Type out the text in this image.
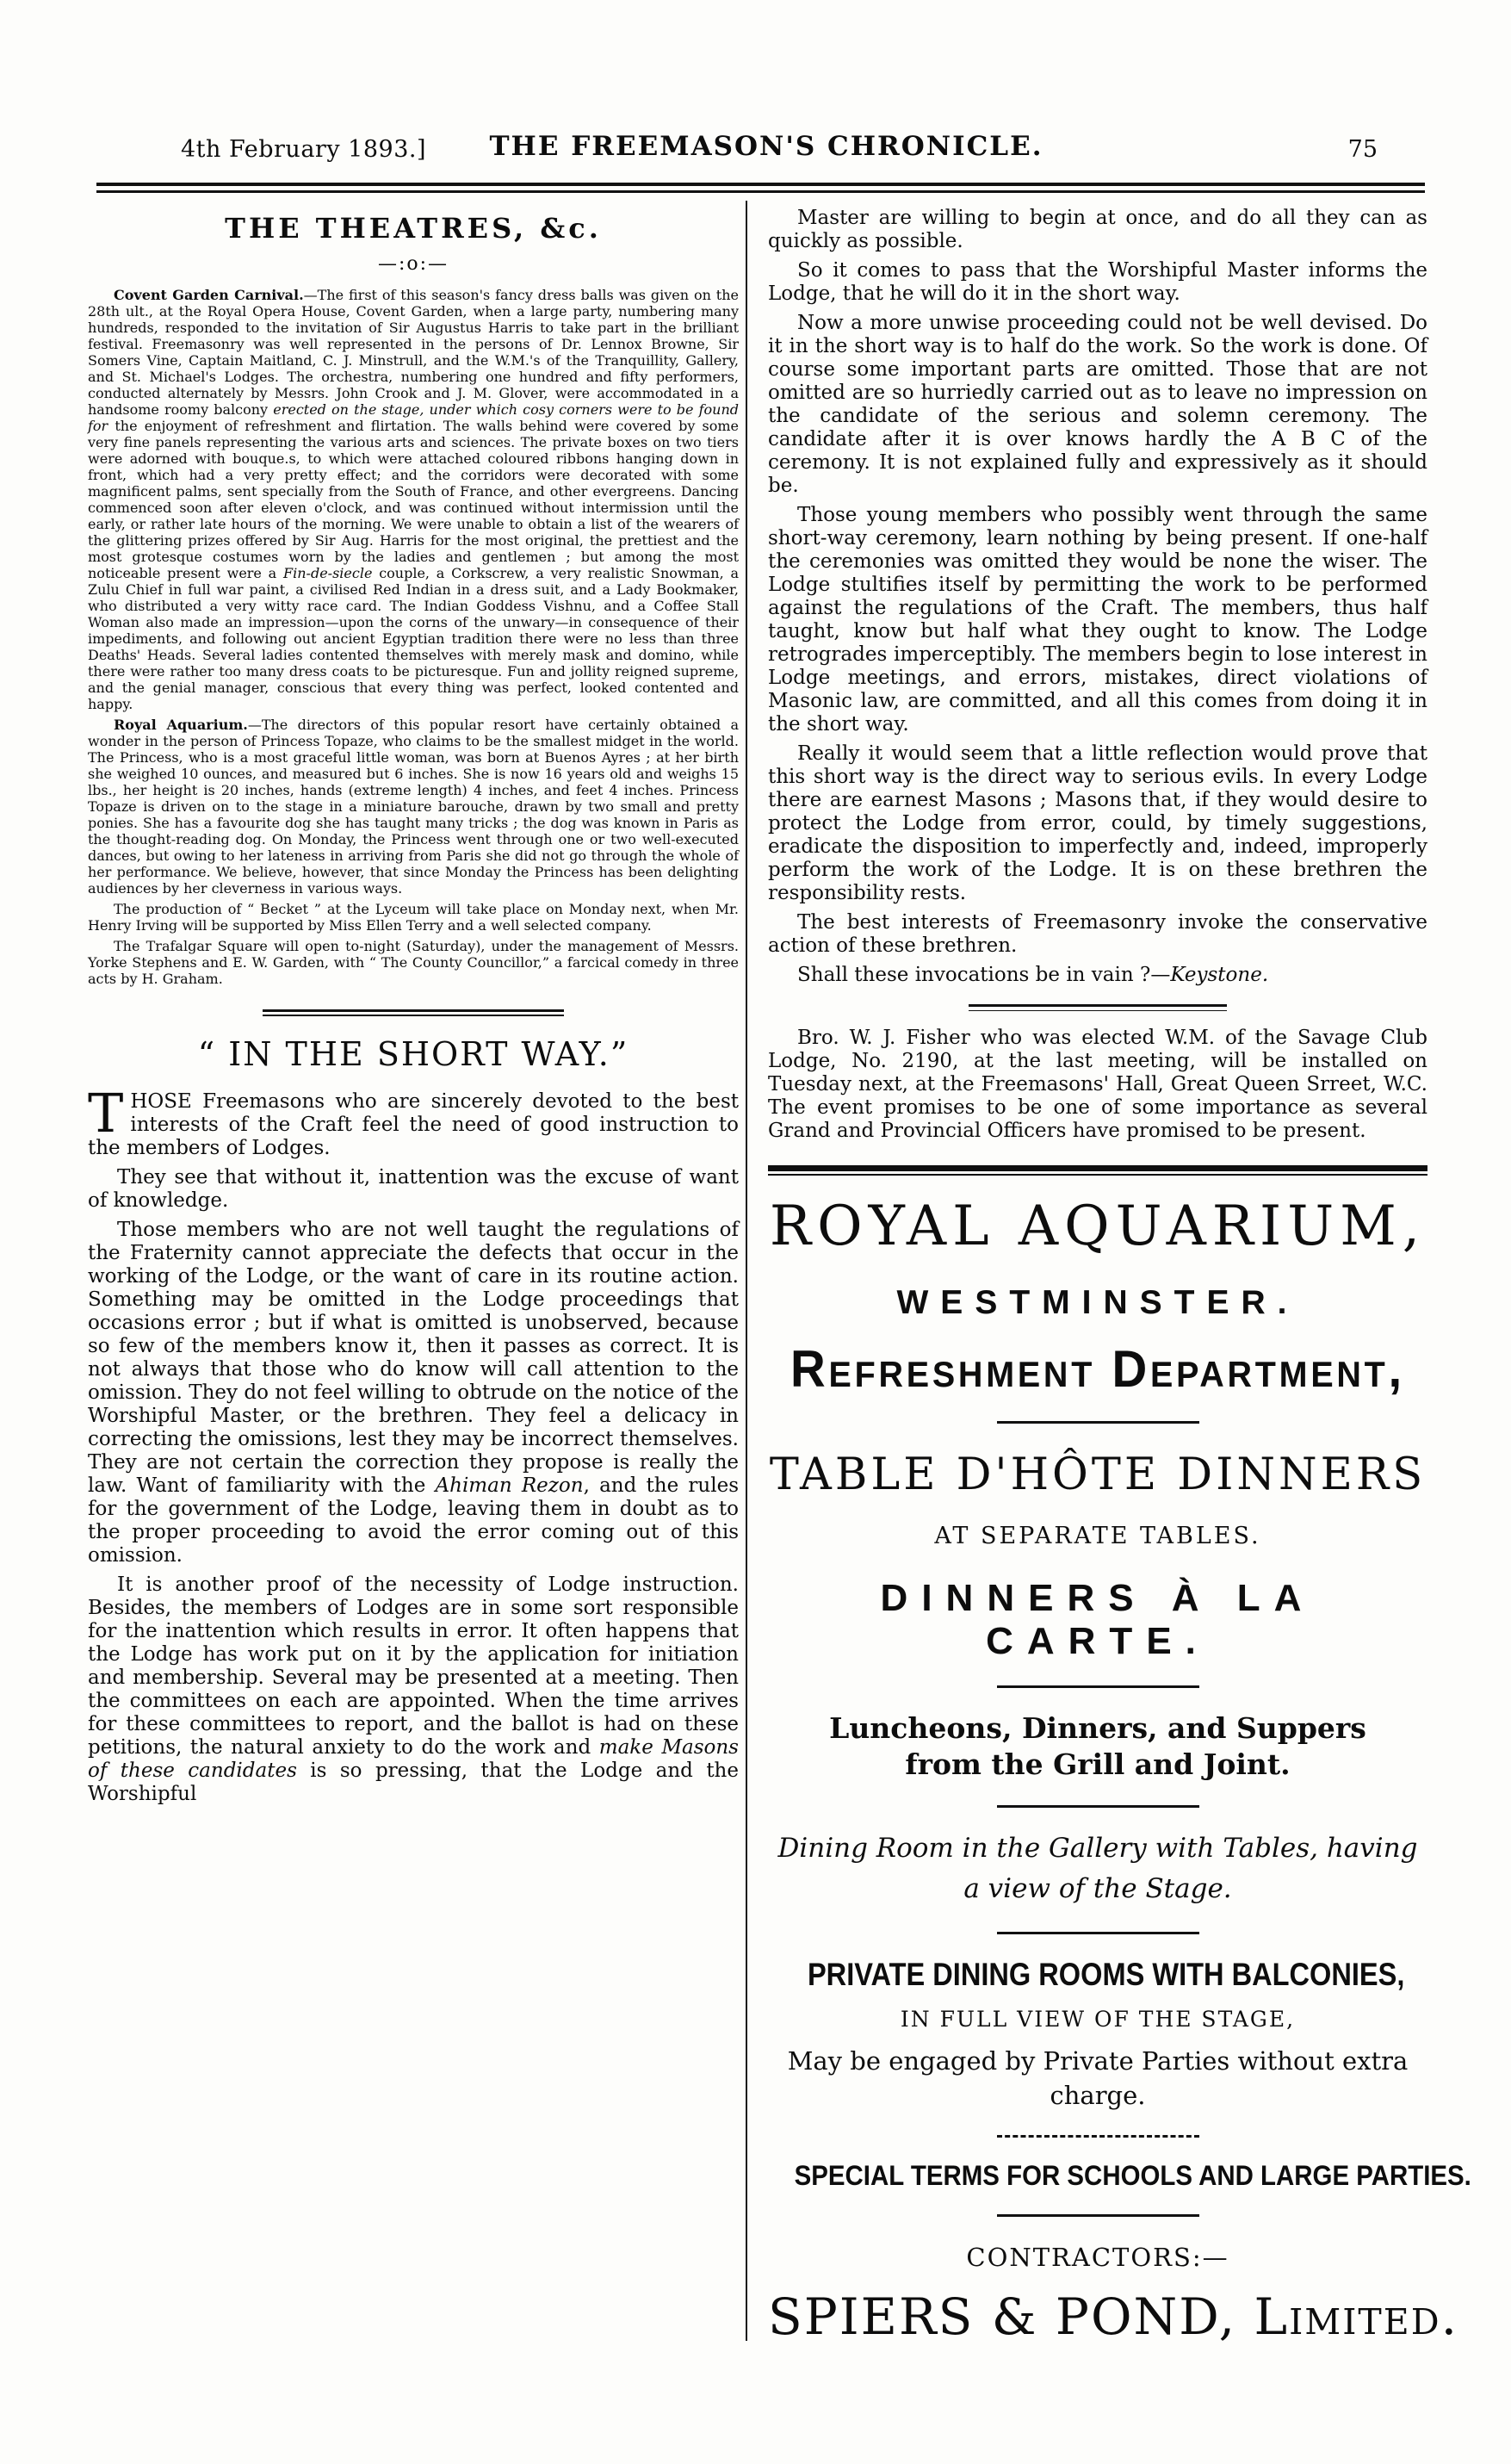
4th February 1893.]	THE FREEMASON'S CHRONICLE.	75
THE THEATRES, &c.
—:o:—

Covent Garden Carnival.—The first of this season's fancy dress balls was given on the 28th ult., at the Royal Opera House, Covent Garden, when a large party, numbering many hundreds, responded to the invitation of Sir Augustus Harris to take part in the brilliant festival. Freemasonry was well represented in the persons of Dr. Lennox Browne, Sir Somers Vine, Captain Maitland, C. J. Minstrull, and the W.M.'s of the Tranquillity, Gallery, and St. Michael's Lodges. The orchestra, numbering one hundred and fifty performers, conducted alternately by Messrs. John Crook and J. M. Glover, were accommodated in a handsome roomy balcony erected on the stage, under which cosy corners were to be found for the enjoyment of refreshment and flirtation. The walls behind were covered by some very fine panels representing the various arts and sciences. The private boxes on two tiers were adorned with bouque.s, to which were attached coloured ribbons hanging down in front, which had a very pretty effect; and the corridors were decorated with some magnificent palms, sent specially from the South of France, and other evergreens. Dancing commenced soon after eleven o'clock, and was continued without intermission until the early, or rather late hours of the morning. We were unable to obtain a list of the wearers of the glittering prizes offered by Sir Aug. Harris for the most original, the prettiest and the most grotesque costumes worn by the ladies and gentlemen ; but among the most noticeable present were a Fin-de-siecle couple, a Corkscrew, a very realistic Snowman, a Zulu Chief in full war paint, a civilised Red Indian in a dress suit, and a Lady Bookmaker, who distributed a very witty race card. The Indian Goddess Vishnu, and a Coffee Stall Woman also made an impression—upon the corns of the unwary—in consequence of their impediments, and following out ancient Egyptian tradition there were no less than three Deaths' Heads. Several ladies contented themselves with merely mask and domino, while there were rather too many dress coats to be picturesque. Fun and jollity reigned supreme, and the genial manager, conscious that every thing was perfect, looked contented and happy.

Royal Aquarium.—The directors of this popular resort have certainly obtained a wonder in the person of Princess Topaze, who claims to be the smallest midget in the world. The Princess, who is a most graceful little woman, was born at Buenos Ayres ; at her birth she weighed 10 ounces, and measured but 6 inches. She is now 16 years old and weighs 15 lbs., her height is 20 inches, hands (extreme length) 4 inches, and feet 4 inches. Princess Topaze is driven on to the stage in a miniature barouche, drawn by two small and pretty ponies. She has a favourite dog she has taught many tricks ; the dog was known in Paris as the thought-reading dog. On Monday, the Princess went through one or two well-executed dances, but owing to her lateness in arriving from Paris she did not go through the whole of her performance. We believe, however, that since Monday the Princess has been delighting audiences by her cleverness in various ways.

The production of “ Becket ” at the Lyceum will take place on Monday next, when Mr. Henry Irving will be supported by Miss Ellen Terry and a well selected company.

The Trafalgar Square will open to-night (Saturday), under the management of Messrs. Yorke Stephens and E. W. Garden, with “ The County Councillor,” a farcical comedy in three acts by H. Graham.

“ IN THE SHORT WAY.”

THOSE Freemasons who are sincerely devoted to the best interests of the Craft feel the need of good instruction to the members of Lodges.

They see that without it, inattention was the excuse of want of knowledge.

Those members who are not well taught the regulations of the Fraternity cannot appreciate the defects that occur in the working of the Lodge, or the want of care in its routine action. Something may be omitted in the Lodge proceedings that occasions error ; but if what is omitted is unobserved, because so few of the members know it, then it passes as correct. It is not always that those who do know will call attention to the omission. They do not feel willing to obtrude on the notice of the Worshipful Master, or the brethren. They feel a delicacy in correcting the omissions, lest they may be incorrect themselves. They are not certain the correction they propose is really the law. Want of familiarity with the Ahiman Rezon, and the rules for the government of the Lodge, leaving them in doubt as to the proper proceeding to avoid the error coming out of this omission.

It is another proof of the necessity of Lodge instruction. Besides, the members of Lodges are in some sort responsible for the inattention which results in error. It often happens that the Lodge has work put on it by the application for initiation and membership. Several may be presented at a meeting. Then the committees on each are appointed. When the time arrives for these committees to report, and the ballot is had on these petitions, the natural anxiety to do the work and make Masons of these candidates is so pressing, that the Lodge and the Worshipful

Master are willing to begin at once, and do all they can as quickly as possible.

So it comes to pass that the Worshipful Master informs the Lodge, that he will do it in the short way.

Now a more unwise proceeding could not be well devised. Do it in the short way is to half do the work. So the work is done. Of course some important parts are omitted. Those that are not omitted are so hurriedly carried out as to leave no impression on the candidate of the serious and solemn ceremony. The candidate after it is over knows hardly the A B C of the ceremony. It is not explained fully and expressively as it should be.

Those young members who possibly went through the same short-way ceremony, learn nothing by being present. If one-half the ceremonies was omitted they would be none the wiser. The Lodge stultifies itself by permitting the work to be performed against the regulations of the Craft. The members, thus half taught, know but half what they ought to know. The Lodge retrogrades imperceptibly. The members begin to lose interest in Lodge meetings, and errors, mistakes, direct violations of Masonic law, are committed, and all this comes from doing it in the short way.

Really it would seem that a little reflection would prove that this short way is the direct way to serious evils. In every Lodge there are earnest Masons ; Masons that, if they would desire to protect the Lodge from error, could, by timely suggestions, eradicate the disposition to imperfectly and, indeed, improperly perform the work of the Lodge. It is on these brethren the responsibility rests.

The best interests of Freemasonry invoke the conservative action of these brethren.

Shall these invocations be in vain ?—Keystone.

Bro. W. J. Fisher who was elected W.M. of the Savage Club Lodge, No. 2190, at the last meeting, will be installed on Tuesday next, at the Freemasons' Hall, Great Queen Srreet, W.C. The event promises to be one of some importance as several Grand and Provincial Officers have promised to be present.

ROYAL AQUARIUM,
WESTMINSTER.
Refreshment Department,
TABLE D'HÔTE DINNERS
AT SEPARATE TABLES.
DINNERS À LA CARTE.
Luncheons, Dinners, and Suppers from the Grill and Joint.
Dining Room in the Gallery with Tables, having a view of the Stage.
PRIVATE DINING ROOMS WITH BALCONIES,
IN FULL VIEW OF THE STAGE,
May be engaged by Private Parties without extra charge.
SPECIAL TERMS FOR SCHOOLS AND LARGE PARTIES.
CONTRACTORS:—
SPIERS & POND, Limited.
